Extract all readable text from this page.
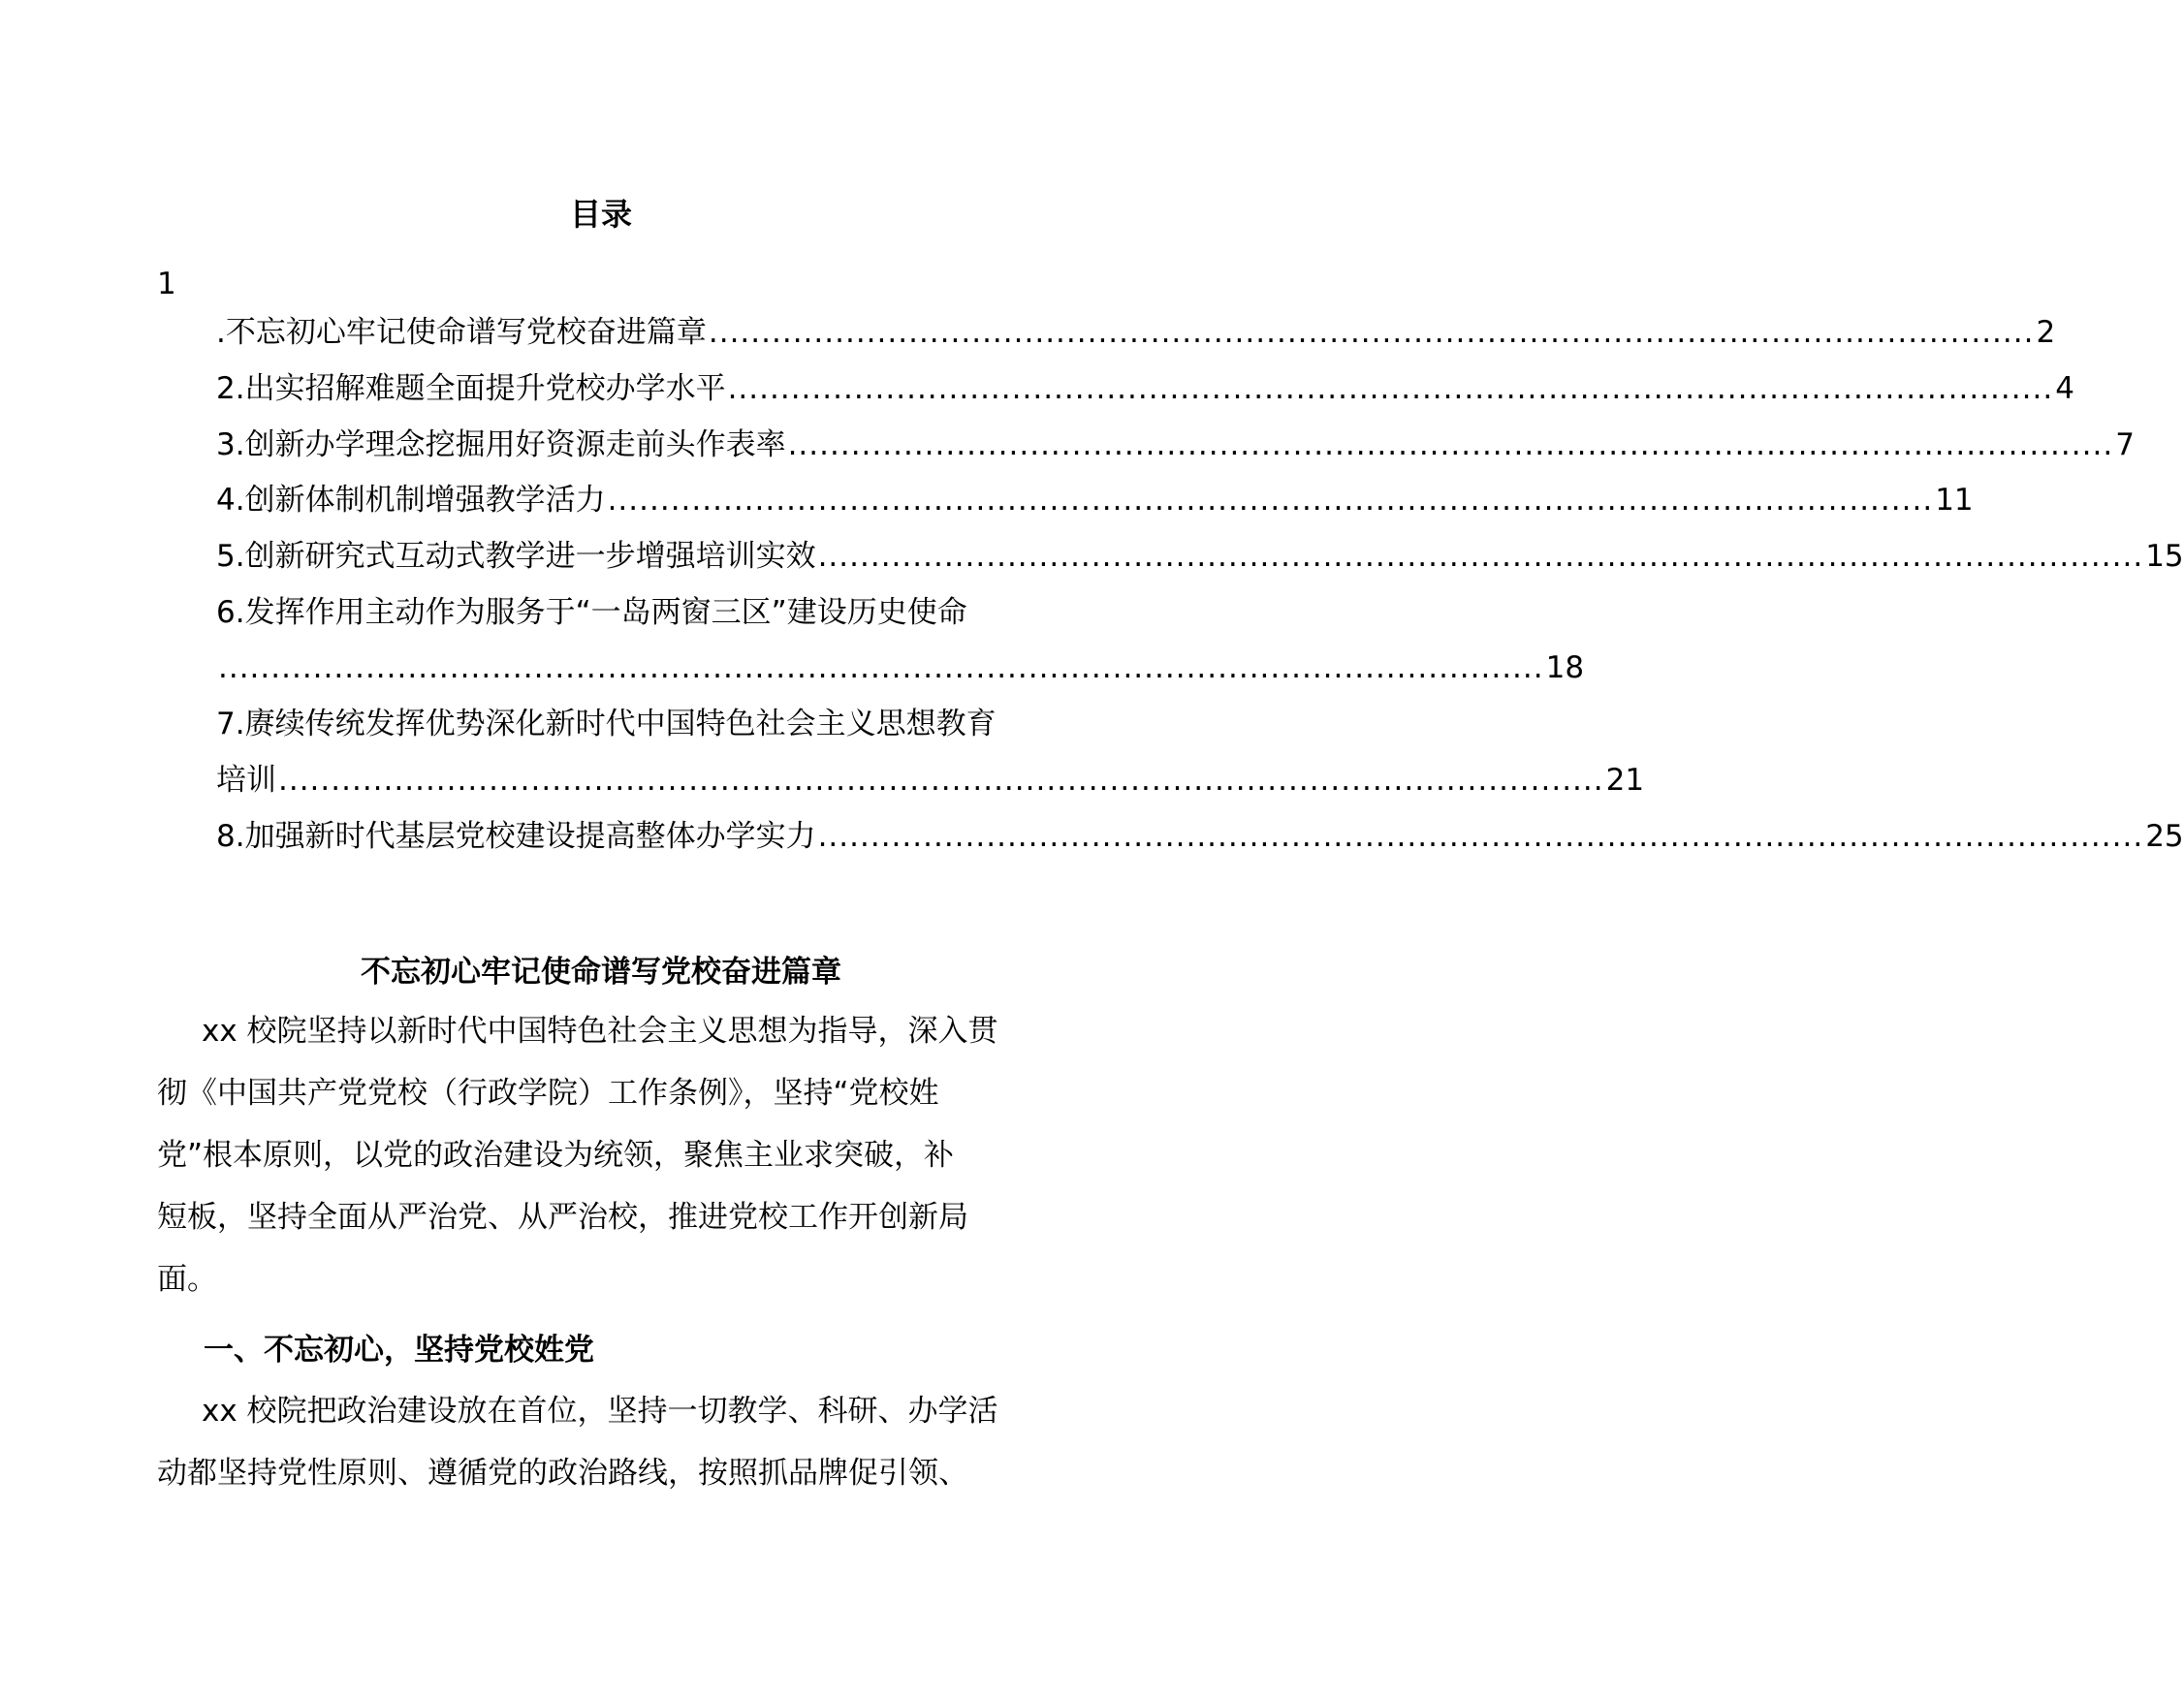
目录
1
.不忘初心牢记使命谱写党校奋进篇章 .............................................................................................................................. 2
2.出实招解难题全面提升党校办学水平 .............................................................................................................................. 4
3.创新办学理念挖掘用好资源走前头作表率 .............................................................................................................................. 7
4.创新体制机制增强教学活力 .............................................................................................................................. 11
5.创新研究式互动式教学进一步增强培训实效 .............................................................................................................................. 15
6.发挥作用主动作为服务于“一岛两窗三区”建设历史使命
.............................................................................................................................. 18
7.赓续传统发挥优势深化新时代中国特色社会主义思想教育
培训 .............................................................................................................................. 21
8.加强新时代基层党校建设提高整体办学实力 .............................................................................................................................. 25
不忘初心牢记使命谱写党校奋进篇章
xx 校院坚持以新时代中国特色社会主义思想为指导，深入贯
彻《中国共产党党校（行政学院）工作条例》，坚持“党校姓
党”根本原则，以党的政治建设为统领，聚焦主业求突破，补
短板，坚持全面从严治党、从严治校，推进党校工作开创新局
面。
一、不忘初心，坚持党校姓党
xx 校院把政治建设放在首位，坚持一切教学、科研、办学活
动都坚持党性原则、遵循党的政治路线，按照抓品牌促引领、
